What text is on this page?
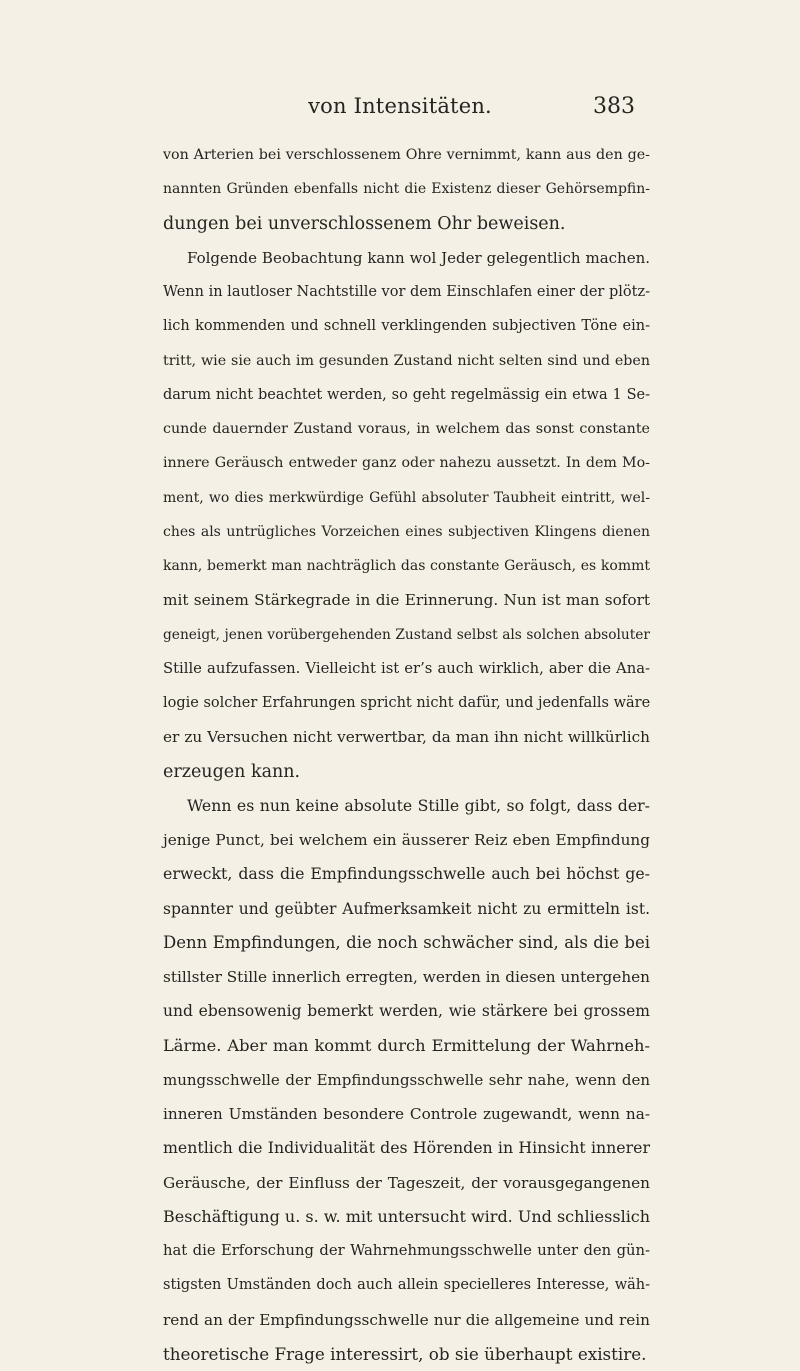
von Intensitäten.	383
von Arterien bei verschlossenem Ohre vernimmt, kann aus den ge-
nannten Gründen ebenfalls nicht die Existenz dieser Gehörsempfin-
dungen bei unverschlossenem Ohr beweisen.
Folgende Beobachtung kann wol Jeder gelegentlich machen.
Wenn in lautloser Nachtstille vor dem Einschlafen einer der plötz-
lich kommenden und schnell verklingenden subjectiven Töne ein-
tritt, wie sie auch im gesunden Zustand nicht selten sind und eben
darum nicht beachtet werden, so geht regelmässig ein etwa 1 Se-
cunde dauernder Zustand voraus, in welchem das sonst constante
innere Geräusch entweder ganz oder nahezu aussetzt. In dem Mo-
ment, wo dies merkwürdige Gefühl absoluter Taubheit eintritt, wel-
ches als untrügliches Vorzeichen eines subjectiven Klingens dienen
kann, bemerkt man nachträglich das constante Geräusch, es kommt
mit seinem Stärkegrade in die Erinnerung. Nun ist man sofort
geneigt, jenen vorübergehenden Zustand selbst als solchen absoluter
Stille aufzufassen. Vielleicht ist er’s auch wirklich, aber die Ana-
logie solcher Erfahrungen spricht nicht dafür, und jedenfalls wäre
er zu Versuchen nicht verwertbar, da man ihn nicht willkürlich
erzeugen kann.
Wenn es nun keine absolute Stille gibt, so folgt, dass der-
jenige Punct, bei welchem ein äusserer Reiz eben Empfindung
erweckt, dass die Empfindungsschwelle auch bei höchst ge-
spannter und geübter Aufmerksamkeit nicht zu ermitteln ist.
Denn Empfindungen, die noch schwächer sind, als die bei
stillster Stille innerlich erregten, werden in diesen untergehen
und ebensowenig bemerkt werden, wie stärkere bei grossem
Lärme. Aber man kommt durch Ermittelung der Wahrneh-
mungsschwelle der Empfindungsschwelle sehr nahe, wenn den
inneren Umständen besondere Controle zugewandt, wenn na-
mentlich die Individualität des Hörenden in Hinsicht innerer
Geräusche, der Einfluss der Tageszeit, der vorausgegangenen
Beschäftigung u. s. w. mit untersucht wird. Und schliesslich
hat die Erforschung der Wahrnehmungsschwelle unter den gün-
stigsten Umständen doch auch allein specielleres Interesse, wäh-
rend an der Empfindungsschwelle nur die allgemeine und rein
theoretische Frage interessirt, ob sie überhaupt existire.
